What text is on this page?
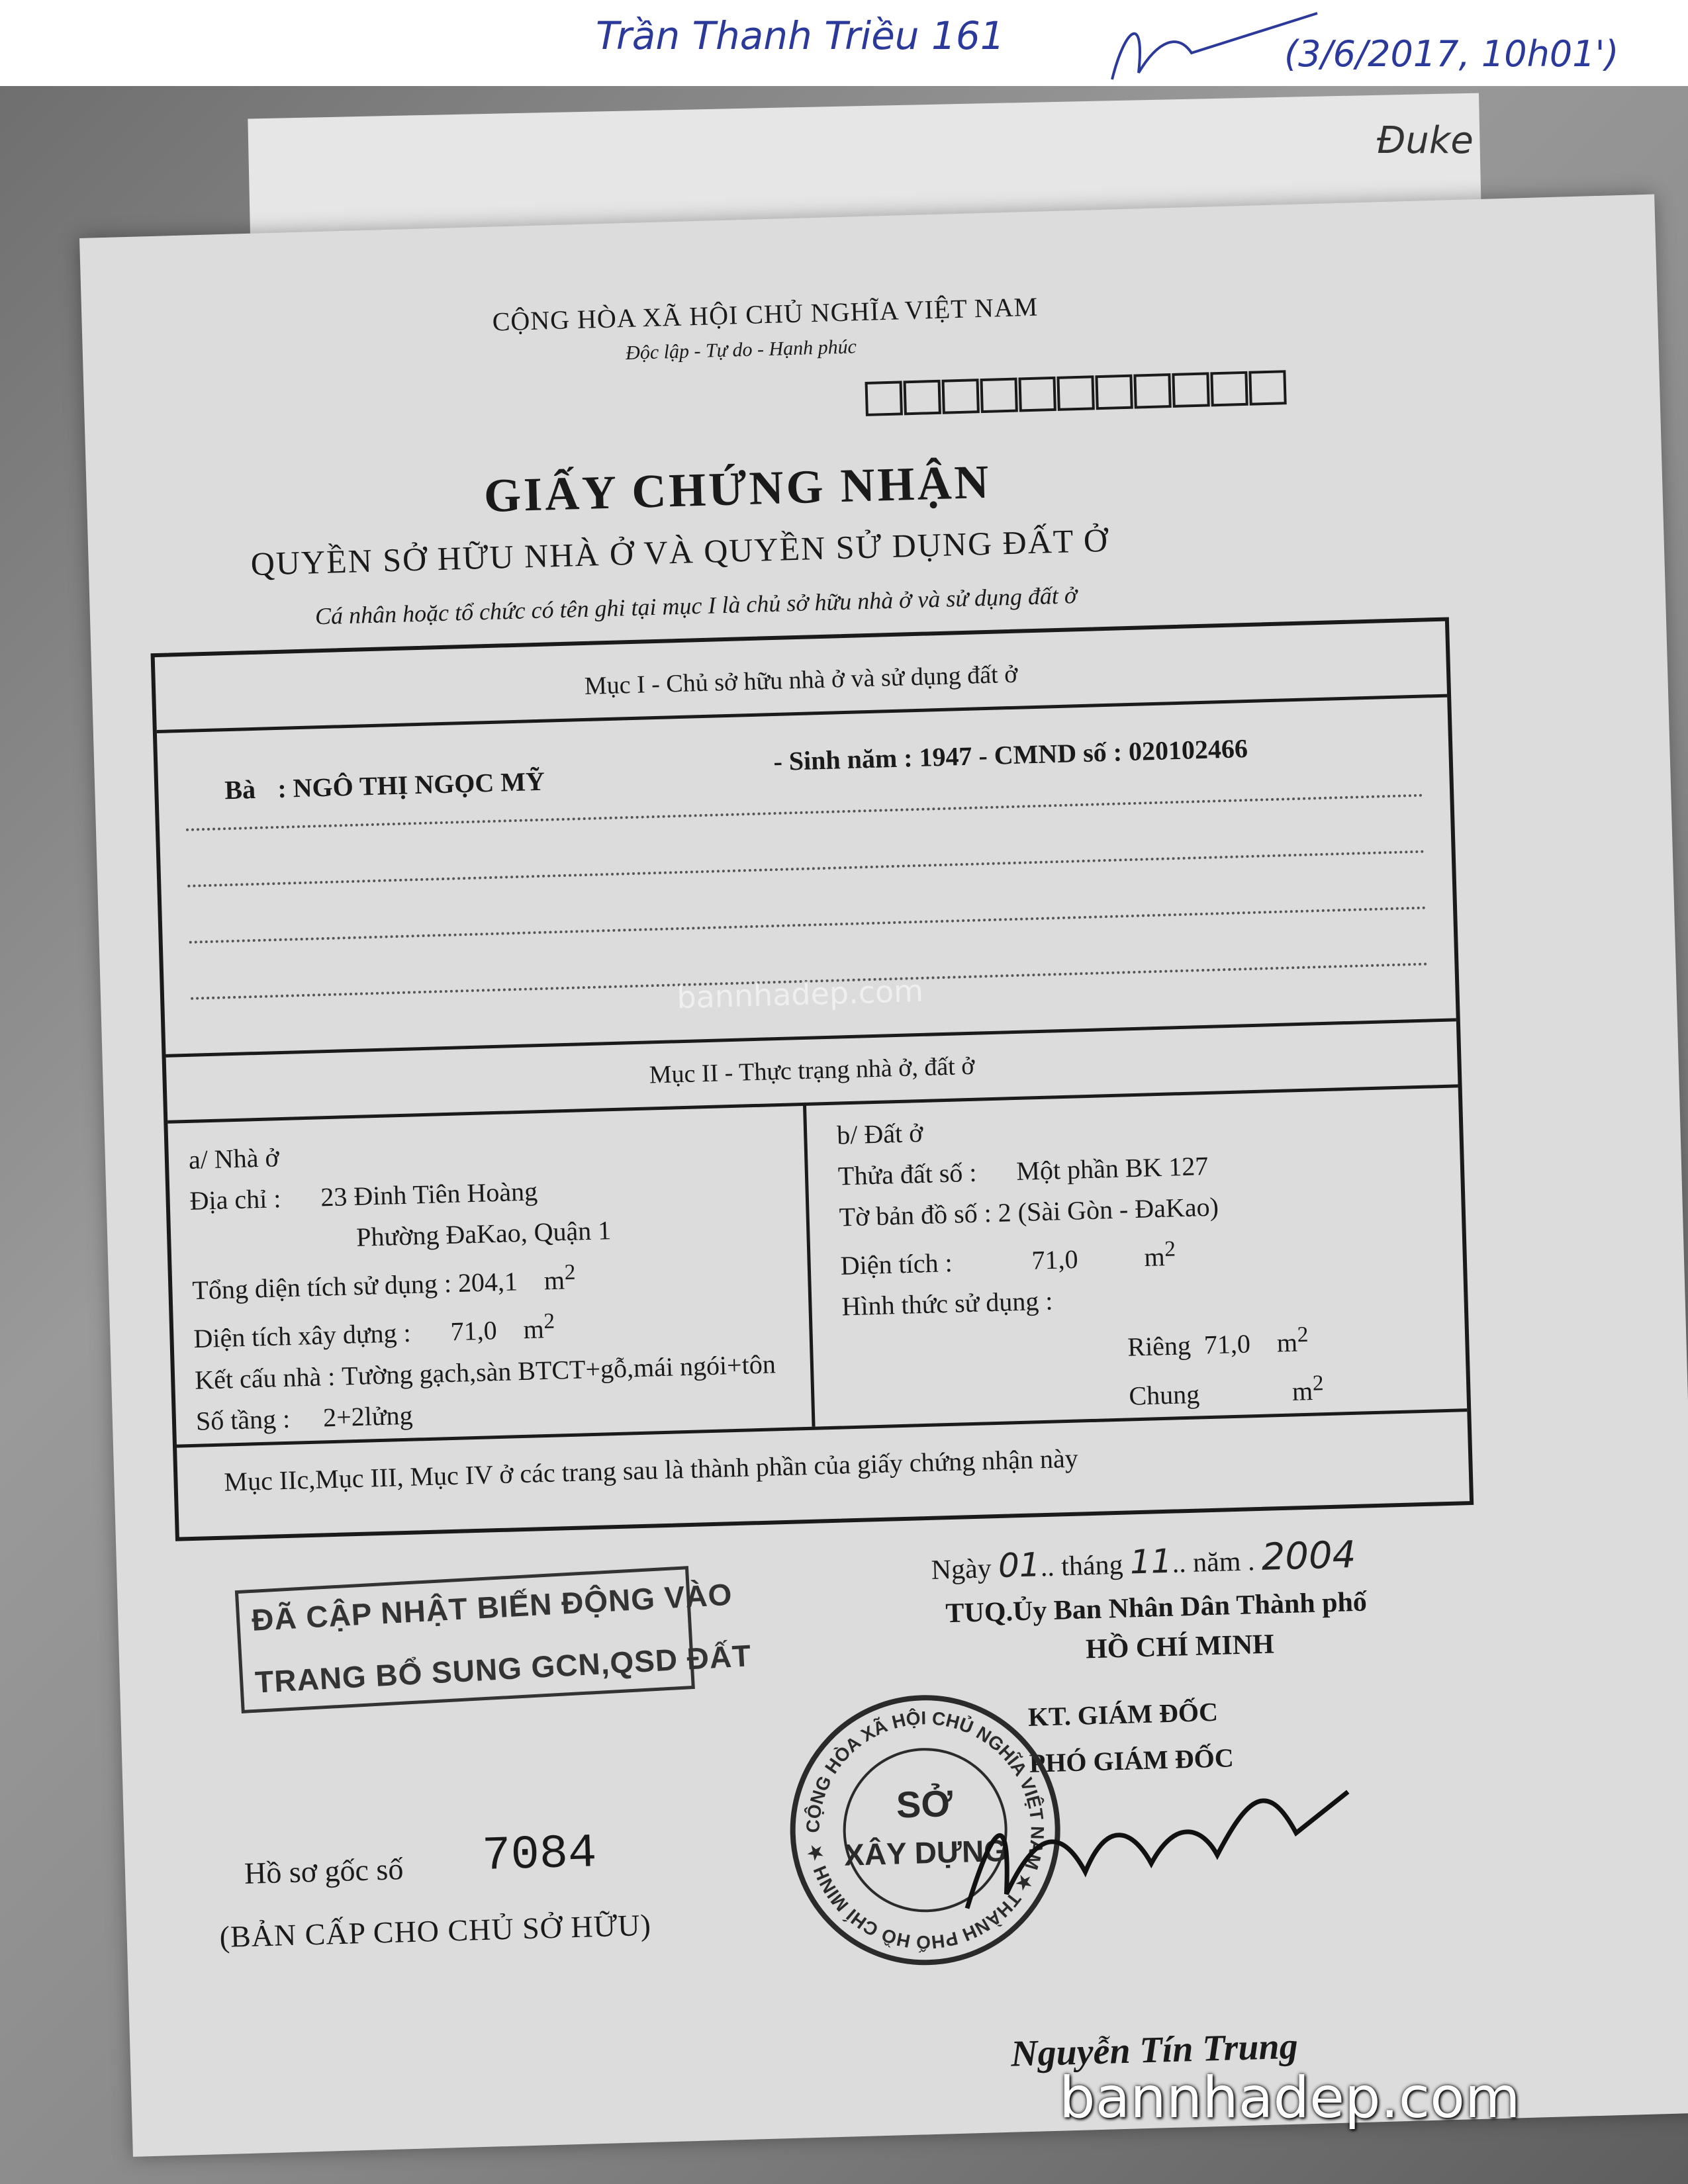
Trần Thanh Triều 161	(3/6/2017, 10h01')
Đuke
CỘNG HÒA XÃ HỘI CHỦ NGHĨA VIỆT NAM
Độc lập - Tự do - Hạnh phúc
GIẤY CHỨNG NHẬN
QUYỀN SỞ HỮU NHÀ Ở VÀ QUYỀN SỬ DỤNG ĐẤT Ở
Cá nhân hoặc tổ chức có tên ghi tại mục I là chủ sở hữu nhà ở và sử dụng đất ở
Mục I - Chủ sở hữu nhà ở và sử dụng đất ở
Bà : NGÔ THỊ NGỌC MỸ
- Sinh năm : 1947 - CMND số : 020102466
Mục II - Thực trạng nhà ở, đất ở
a/ Nhà ở
Địa chỉ : 23 Đinh Tiên Hoàng
Phường ĐaKao, Quận 1
Tổng diện tích sử dụng : 204,1 $m^2$
Diện tích xây dựng : 71,0 $m^2$
Kết cấu nhà : Tường gạch,sàn BTCT+gỗ,mái ngói+tôn
Số tầng : 2+2lửng
b/ Đất ở
Thửa đất số : Một phần BK 127
Tờ bản đồ số : 2 (Sài Gòn - ĐaKao)
Diện tích :	71,0 $m^2$
Hình thức sử dụng :
Riêng 71,0 $m^2$
Chung	$m^2$
Mục IIc,Mục III, Mục IV ở các trang sau là thành phần của giấy chứng nhận này
Ngày 01.. tháng 11.. năm . 2004
TUQ.Ủy Ban Nhân Dân Thành phố
HỒ CHÍ MINH
KT. GIÁM ĐỐC
PHÓ GIÁM ĐỐC
CỘNG HÒA XÃ HỘI CHỦ NGHĨA VIỆT NAM ★ THÀNH PHỐ HỒ CHÍ MINH ★
SỞ
XÂY DỰNG
Nguyễn Tín Trung
ĐÃ CẬP NHẬT BIẾN ĐỘNG VÀO
TRANG BỔ SUNG GCN,QSD ĐẤT
Hồ sơ gốc số 7084
(BẢN CẤP CHO CHỦ SỞ HỮU)
bannhadep.com
bannhadep.com
